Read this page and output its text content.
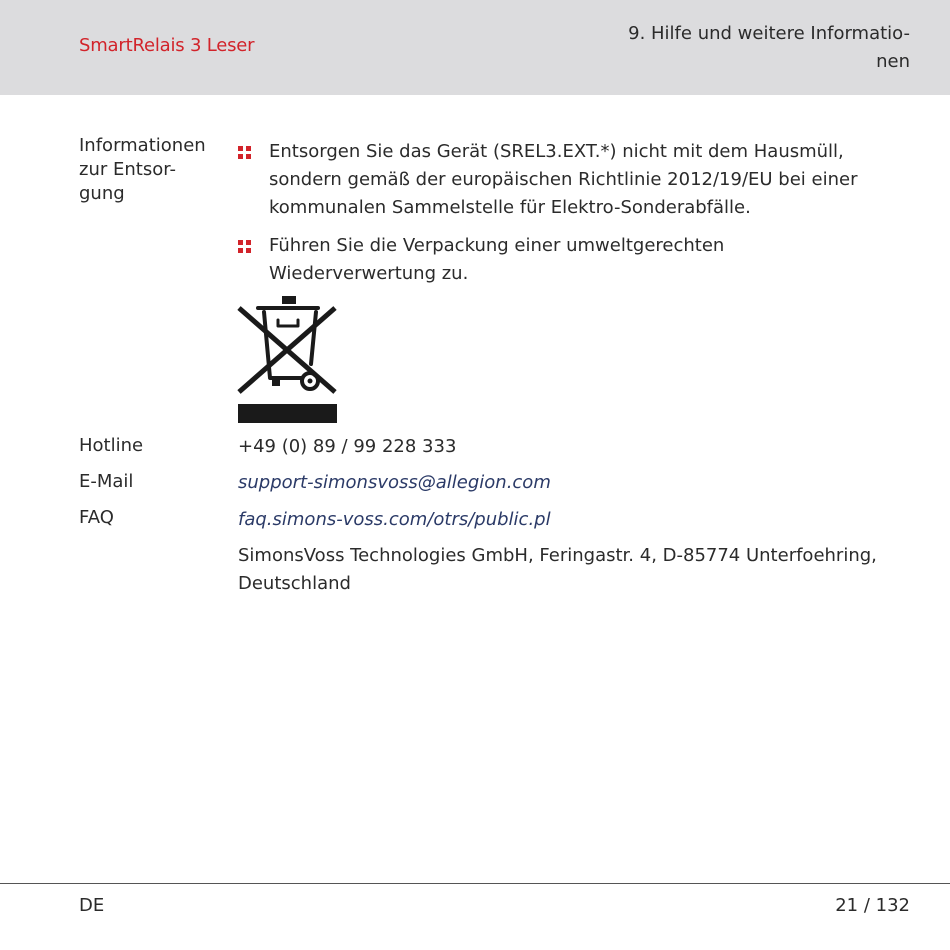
SmartRelais 3 Leser
9. Hilfe und weitere Informatio-
nen
Informationen
zur Entsor-
gung
Entsorgen Sie das Gerät (SREL3.EXT.*) nicht mit dem Hausmüll,
sondern gemäß der europäischen Richtlinie 2012/19/EU bei einer
kommunalen Sammelstelle für Elektro-Sonderabfälle.
Führen Sie die Verpackung einer umweltgerechten
Wiederverwertung zu.
Hotline	+49 (0) 89 / 99 228 333
E-Mail	support-simonsvoss@allegion.com
FAQ	faq.simons-voss.com/otrs/public.pl
SimonsVoss Technologies GmbH, Feringastr. 4, D-85774 Unterfoehring,
Deutschland
DE	21 / 132
